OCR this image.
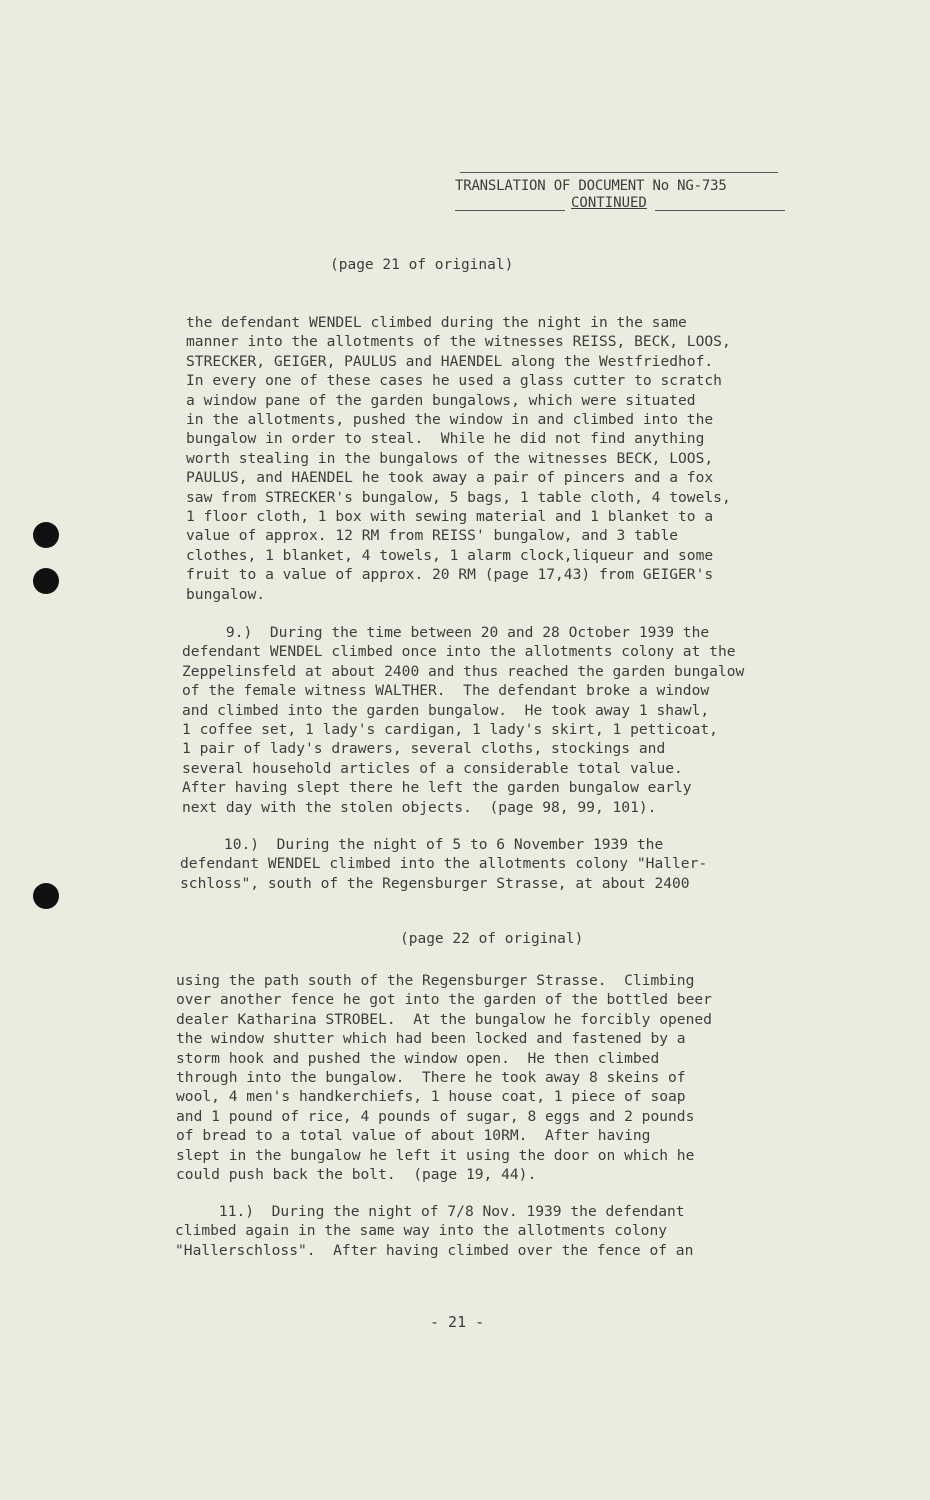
TRANSLATION OF DOCUMENT No NG-735
CONTINUED
(page 21 of original)

the defendant WENDEL climbed during the night in the same

manner into the allotments of the witnesses REISS, BECK, LOOS,

STRECKER, GEIGER, PAULUS and HAENDEL along the Westfriedhof.

In every one of these cases he used a glass cutter to scratch

a window pane of the garden bungalows, which were situated

in the allotments, pushed the window in and climbed into the

bungalow in order to steal.  While he did not find anything

worth stealing in the bungalows of the witnesses BECK, LOOS,

PAULUS, and HAENDEL he took away a pair of pincers and a fox

saw from STRECKER's bungalow, 5 bags, 1 table cloth, 4 towels,

1 floor cloth, 1 box with sewing material and 1 blanket to a

value of approx. 12 RM from REISS' bungalow, and 3 table

clothes, 1 blanket, 4 towels, 1 alarm clock,liqueur and some

fruit to a value of approx. 20 RM (page 17,43) from GEIGER's

bungalow.

9.)  During the time between 20 and 28 October 1939 the

defendant WENDEL climbed once into the allotments colony at the

Zeppelinsfeld at about 2400 and thus reached the garden bungalow

of the female witness WALTHER.  The defendant broke a window

and climbed into the garden bungalow.  He took away 1 shawl,

1 coffee set, 1 lady's cardigan, 1 lady's skirt, 1 petticoat,

1 pair of lady's drawers, several cloths, stockings and

several household articles of a considerable total value.

After having slept there he left the garden bungalow early

next day with the stolen objects.  (page 98, 99, 101).

10.)  During the night of 5 to 6 November 1939 the

defendant WENDEL climbed into the allotments colony "Haller-

schloss", south of the Regensburger Strasse, at about 2400

(page 22 of original)

using the path south of the Regensburger Strasse.  Climbing

over another fence he got into the garden of the bottled beer

dealer Katharina STROBEL.  At the bungalow he forcibly opened

the window shutter which had been locked and fastened by a

storm hook and pushed the window open.  He then climbed

through into the bungalow.  There he took away 8 skeins of

wool, 4 men's handkerchiefs, 1 house coat, 1 piece of soap

and 1 pound of rice, 4 pounds of sugar, 8 eggs and 2 pounds

of bread to a total value of about 10RM.  After having

slept in the bungalow he left it using the door on which he

could push back the bolt.  (page 19, 44).

11.)  During the night of 7/8 Nov. 1939 the defendant

climbed again in the same way into the allotments colony

"Hallerschloss".  After having climbed over the fence of an

- 21 -
